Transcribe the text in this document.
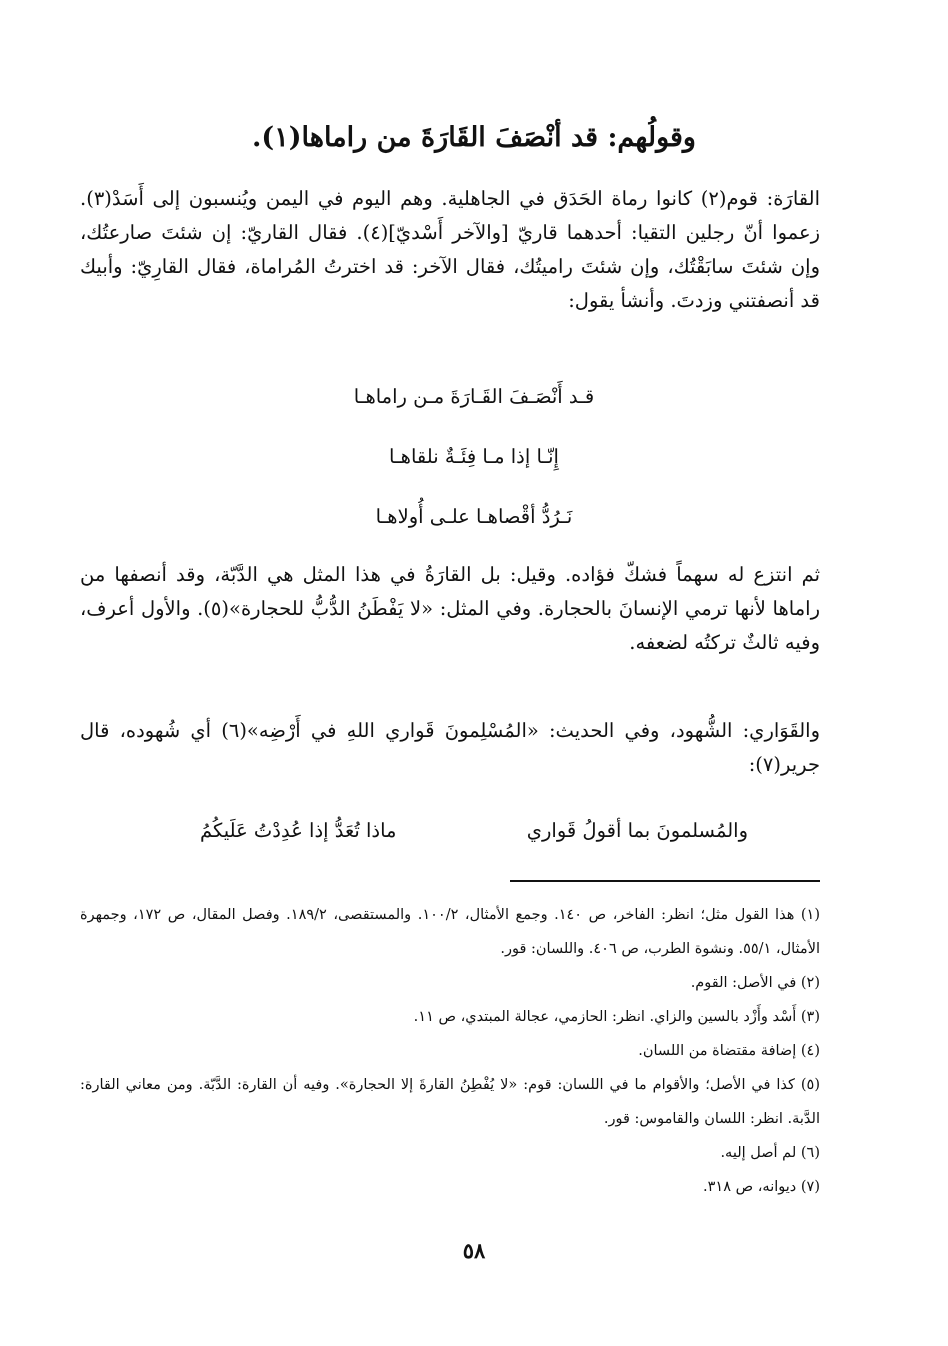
وقولُهم: قد أنْصَفَ القَارَةَ من راماها(١).
القارَة: قوم(٢) كانوا رماة الحَدَق في الجاهلية. وهم اليوم في اليمن ويُنسبون إلى أَسَدْ(٣). زعموا أنّ رجلين التقيا: أحدهما قاريّ [والآخر أَسْديّ](٤). فقال القاريّ: إن شئتَ صارعتُك، وإن شئتَ سابَقْتُك، وإن شئتَ راميتُك، فقال الآخر: قد اخترتُ المُراماة، فقال القارِيّ: وأبيك قد أنصفتني وزدتَ. وأنشأ يقول:
قـد أَنْصَـفَ القَـارَةَ مـن راماهـا
إِنّـا إذا مـا فِئَـةٌ نلقاهـا
نَـرُدُّ أقْصاهـا علـى أُولاهـا
ثم انتزع له سهماً فشكّ فؤاده. وقيل: بل القارَةُ في هذا المثل هي الدَّبّة، وقد أنصفها من راماها لأنها ترمي الإنسانَ بالحجارة. وفي المثل: «لا يَفْطَنُ الدُّبُّ للحجارة»(٥). والأول أعرف، وفيه ثالثٌ تركتُه لضعفه.
والقَوَاري: الشُّهود، وفي الحديث: «المُسْلِمونَ قَواري اللهِ في أَرْضِه»(٦) أي شُهوده، قال جرير(٧):
والمُسلمونَ بما أقولُ قَواري
ماذا تُعَدُّ إذا عُدِدْتُ عَلَيكُمُ
(١) هذا القول مثل؛ انظر: الفاخر، ص ١٤٠. وجمع الأمثال، ١٠٠/٢. والمستقصى، ١٨٩/٢. وفصل المقال، ص ١٧٢، وجمهرة الأمثال، ٥٥/١. ونشوة الطرب، ص ٤٠٦. واللسان: قور.
(٢) في الأصل: القوم.
(٣) أَسْد وأَزْد بالسين والزاي. انظر: الحازمي، عجالة المبتدي، ص ١١.
(٤) إضافة مقتضاة من اللسان.
(٥) كذا في الأصل؛ والأقوام ما في اللسان: قوم: «لا يُفْطِنُ القارةَ إلا الحجارة». وفيه أن القارة: الدَّبّة. ومن معاني القارة: الدَّبة. انظر: اللسان والقاموس: قور.
(٦) لم أصل إليه.
(٧) ديوانه، ص ٣١٨.
٥٨
